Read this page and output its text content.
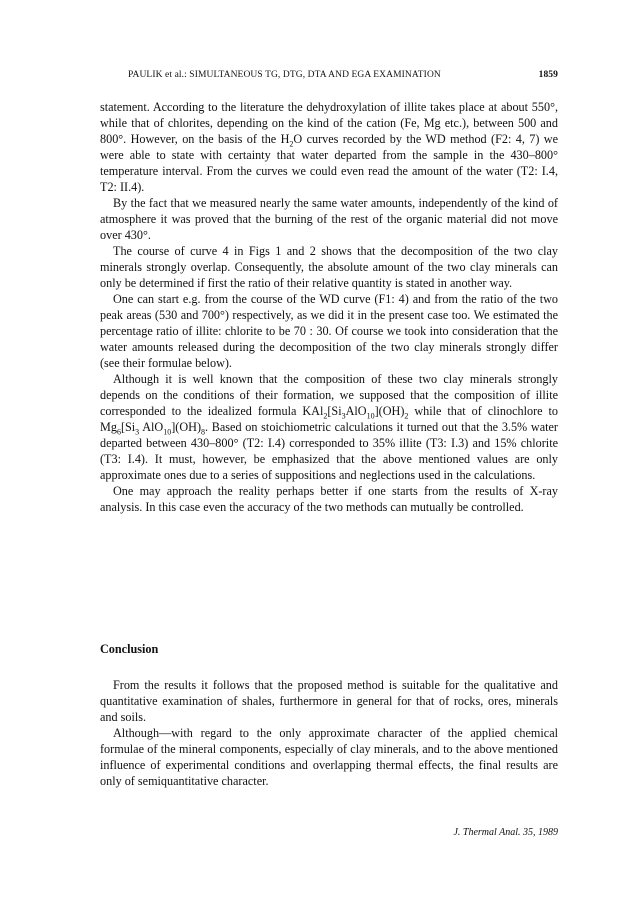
PAULIK et al.: SIMULTANEOUS TG, DTG, DTA AND EGA EXAMINATION	1859

statement. According to the literature the dehydroxylation of illite takes place at about 550°, while that of chlorites, depending on the kind of the cation (Fe, Mg etc.), between 500 and 800°. However, on the basis of the $H_2O$ curves recorded by the WD method (F2: 4, 7) we were able to state with certainty that water departed from the sample in the 430–800° temperature interval. From the curves we could even read the amount of the water (T2: I.4, T2: II.4).

By the fact that we measured nearly the same water amounts, independently of the kind of atmosphere it was proved that the burning of the rest of the organic material did not move over 430°.

The course of curve 4 in Figs 1 and 2 shows that the decomposition of the two clay minerals strongly overlap. Consequently, the absolute amount of the two clay minerals can only be determined if first the ratio of their relative quantity is stated in another way.

One can start e.g. from the course of the WD curve (F1: 4) and from the ratio of the two peak areas (530 and 700°) respectively, as we did it in the present case too. We estimated the percentage ratio of illite: chlorite to be 70 : 30. Of course we took into consideration that the water amounts released during the decomposition of the two clay minerals strongly differ (see their formulae below).

Although it is well known that the composition of these two clay minerals strongly depends on the conditions of their formation, we supposed that the composition of illite corresponded to the idealized formula $KAl_2[Si_3AlO_{10}](OH)_2$ while that of clinochlore to $Mg_6[Si_3$ $AlO_{10}](OH)_8$. Based on stoichiometric calculations it turned out that the 3.5% water departed between 430–800° (T2: I.4) corresponded to 35% illite (T3: I.3) and 15% chlorite (T3: I.4). It must, however, be emphasized that the above mentioned values are only approximate ones due to a series of suppositions and neglections used in the calculations.

One may approach the reality perhaps better if one starts from the results of X-ray analysis. In this case even the accuracy of the two methods can mutually be controlled.

Conclusion

From the results it follows that the proposed method is suitable for the qualitative and quantitative examination of shales, furthermore in general for that of rocks, ores, minerals and soils.

Although—with regard to the only approximate character of the applied chemical formulae of the mineral components, especially of clay minerals, and to the above mentioned influence of experimental conditions and overlapping thermal effects, the final results are only of semiquantitative character.

J. Thermal Anal. 35, 1989
